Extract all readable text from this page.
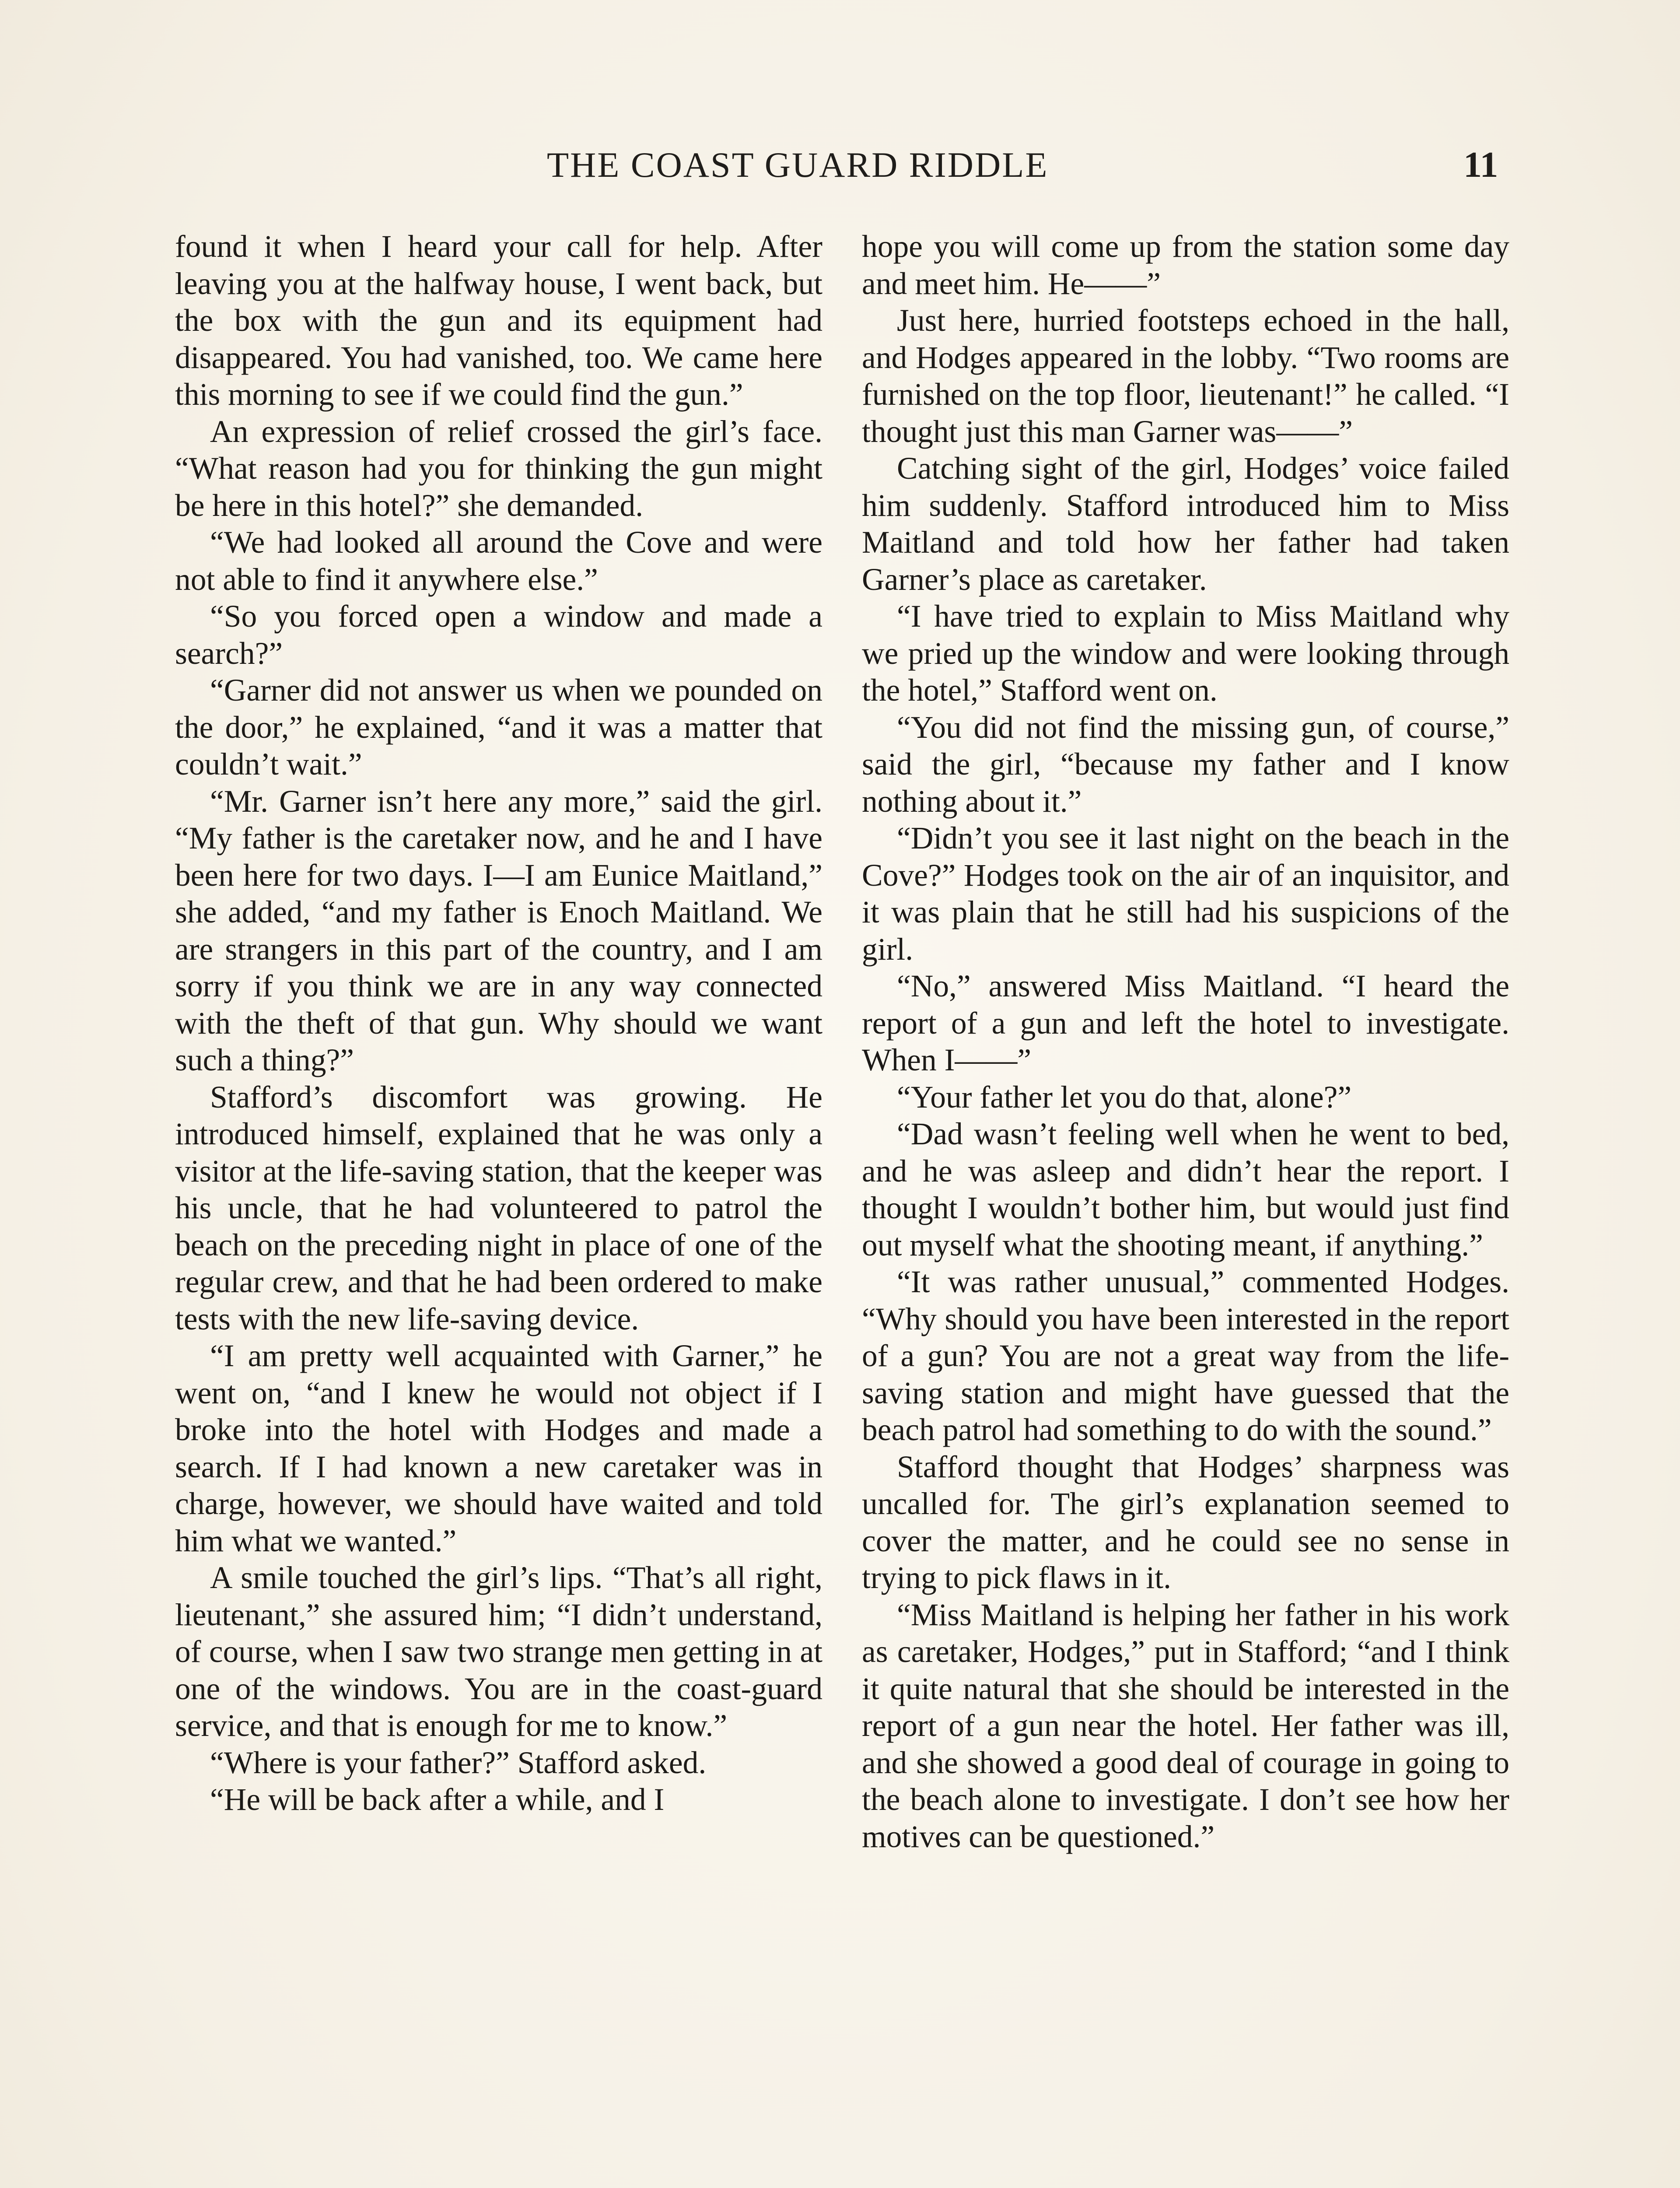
THE COAST GUARD RIDDLE	11

found it when I heard your call for help. After leaving you at the halfway house, I went back, but the box with the gun and its equipment had disappeared. You had vanished, too. We came here this morning to see if we could find the gun.”

An expression of relief crossed the girl’s face. “What reason had you for thinking the gun might be here in this hotel?” she demanded.

“We had looked all around the Cove and were not able to find it anywhere else.”

“So you forced open a window and made a search?”

“Garner did not answer us when we pounded on the door,” he explained, “and it was a matter that couldn’t wait.”

“Mr. Garner isn’t here any more,” said the girl. “My father is the caretaker now, and he and I have been here for two days. I—I am Eunice Maitland,” she added, “and my father is Enoch Maitland. We are strangers in this part of the country, and I am sorry if you think we are in any way connected with the theft of that gun. Why should we want such a thing?”

Stafford’s discomfort was growing. He introduced himself, explained that he was only a visitor at the life-saving station, that the keeper was his uncle, that he had volunteered to patrol the beach on the preceding night in place of one of the regular crew, and that he had been ordered to make tests with the new life-saving device.

“I am pretty well acquainted with Garner,” he went on, “and I knew he would not object if I broke into the hotel with Hodges and made a search. If I had known a new caretaker was in charge, however, we should have waited and told him what we wanted.”

A smile touched the girl’s lips. “That’s all right, lieutenant,” she assured him; “I didn’t understand, of course, when I saw two strange men getting in at one of the windows. You are in the coast-guard service, and that is enough for me to know.”

“Where is your father?” Stafford asked.

“He will be back after a while, and I

hope you will come up from the station some day and meet him. He——”

Just here, hurried footsteps echoed in the hall, and Hodges appeared in the lobby. “Two rooms are furnished on the top floor, lieutenant!” he called. “I thought just this man Garner was——”

Catching sight of the girl, Hodges’ voice failed him suddenly. Stafford introduced him to Miss Maitland and told how her father had taken Garner’s place as caretaker.

“I have tried to explain to Miss Maitland why we pried up the window and were looking through the hotel,” Stafford went on.

“You did not find the missing gun, of course,” said the girl, “because my father and I know nothing about it.”

“Didn’t you see it last night on the beach in the Cove?” Hodges took on the air of an inquisitor, and it was plain that he still had his suspicions of the girl.

“No,” answered Miss Maitland. “I heard the report of a gun and left the hotel to investigate. When I——”

“Your father let you do that, alone?”

“Dad wasn’t feeling well when he went to bed, and he was asleep and didn’t hear the report. I thought I wouldn’t bother him, but would just find out myself what the shooting meant, if anything.”

“It was rather unusual,” commented Hodges. “Why should you have been interested in the report of a gun? You are not a great way from the life-saving station and might have guessed that the beach patrol had something to do with the sound.”

Stafford thought that Hodges’ sharpness was uncalled for. The girl’s explanation seemed to cover the matter, and he could see no sense in trying to pick flaws in it.

“Miss Maitland is helping her father in his work as caretaker, Hodges,” put in Stafford; “and I think it quite natural that she should be interested in the report of a gun near the hotel. Her father was ill, and she showed a good deal of courage in going to the beach alone to investigate. I don’t see how her motives can be questioned.”
